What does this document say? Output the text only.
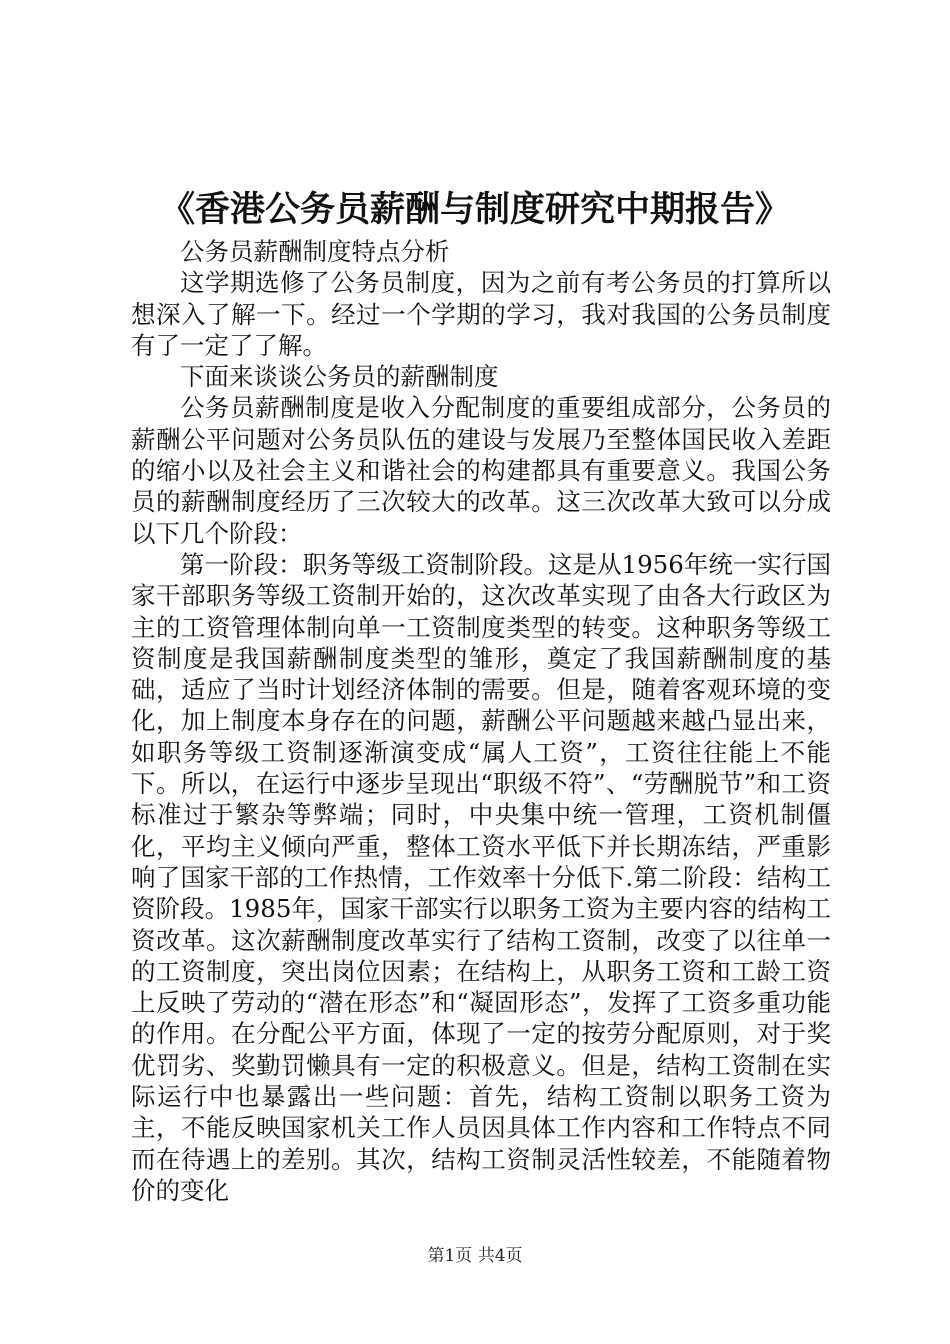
《香港公务员薪酬与制度研究中期报告》

公务员薪酬制度特点分析

这学期选修了公务员制度，因为之前有考公务员的打算所以想深入了解一下。经过一个学期的学习，我对我国的公务员制度有了一定了了解。

下面来谈谈公务员的薪酬制度

公务员薪酬制度是收入分配制度的重要组成部分，公务员的薪酬公平问题对公务员队伍的建设与发展乃至整体国民收入差距的缩小以及社会主义和谐社会的构建都具有重要意义。我国公务员的薪酬制度经历了三次较大的改革。这三次改革大致可以分成以下几个阶段：

第一阶段：职务等级工资制阶段。这是从1956年统一实行国家干部职务等级工资制开始的，这次改革实现了由各大行政区为主的工资管理体制向单一工资制度类型的转变。这种职务等级工资制度是我国薪酬制度类型的雏形，奠定了我国薪酬制度的基础，适应了当时计划经济体制的需要。但是，随着客观环境的变化，加上制度本身存在的问题，薪酬公平问题越来越凸显出来，如职务等级工资制逐渐演变成“属人工资”，工资往往能上不能下。所以，在运行中逐步呈现出“职级不符”、“劳酬脱节”和工资标准过于繁杂等弊端；同时，中央集中统一管理，工资机制僵化，平均主义倾向严重，整体工资水平低下并长期冻结，严重影响了国家干部的工作热情，工作效率十分低下.第二阶段：结构工资阶段。1985年，国家干部实行以职务工资为主要内容的结构工资改革。这次薪酬制度改革实行了结构工资制，改变了以往单一的工资制度，突出岗位因素；在结构上，从职务工资和工龄工资上反映了劳动的“潜在形态”和“凝固形态”，发挥了工资多重功能的作用。在分配公平方面，体现了一定的按劳分配原则，对于奖优罚劣、奖勤罚懒具有一定的积极意义。但是，结构工资制在实际运行中也暴露出一些问题：首先，结构工资制以职务工资为主，不能反映国家机关工作人员因具体工作内容和工作特点不同而在待遇上的差别。其次，结构工资制灵活性较差，不能随着物价的变化

第1页 共4页
